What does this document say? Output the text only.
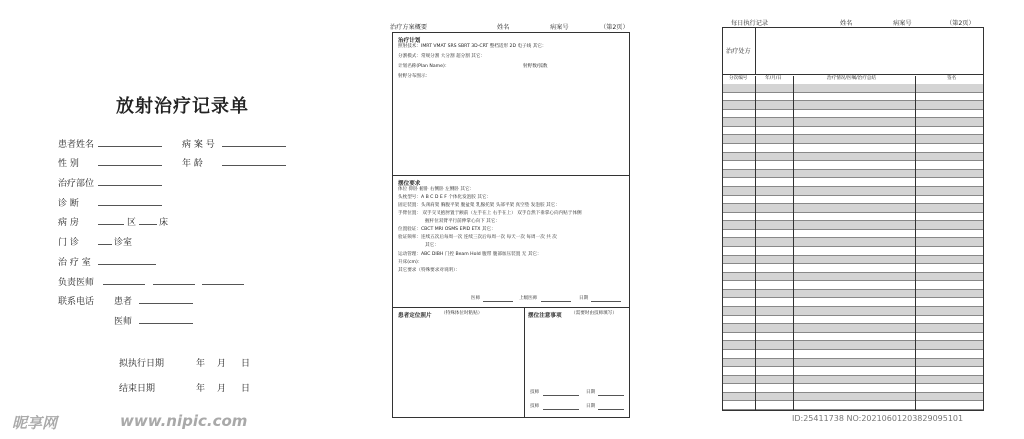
放射治疗记录单
患者姓名	病 案 号
性 别	年 龄
治疗部位
诊 断
病 房	区	床
门 诊	诊室
治 疗 室
负责医师
联系电话 患者
医师
拟执行日期	年 月 日
结束日期	年 月 日
治疗方案概要	姓名	病案号	（第2页）
治疗计划
照射技术：IMRT VMAT SRS SBRT 3D-CRT 整档适形 2D 电子线 其它：
分割模式：常规分割 大分割 超分割 其它：
计划名称(Plan Name)：	射野数/弧数
射野分布图示：
摆位要求
体位 仰卧 俯卧 右侧卧 左侧卧 其它：
头枕型号：A B C D E F 个体化发泡胶 其它：
固定装置：头颈肩架 胸腹平架 腹盆架 乳腺托架 头部平架 真空垫 发泡胶 其它：
手臂位置： 双手交叉抱肘置于额前（左手在上 右手在上） 双手自然下垂掌心向内贴于体侧
握杆位双臂平行前伸掌心向下 其它：
位置验证：CBCT MRI OSMS EPID ETX 其它：
验证频率：连续五次后每周一次 连续三次后每周一次 每天一次 每周一次 共 次
其它：
运动管理：ABC DIBH 门控 Beam Hold 腹带 腹部加压装置 无 其它：
升床(cm)：
其它要求（特殊要求对说明）：
医师	上级医师	日期
患者定位照片 （特殊体位时粘贴）	摆位注意事项 （需要时由技师填写）
技师	日期
技师	日期
每日执行记录	姓名	病案号	（第2页）
治疗处方
分次编号	年/月/日	治疗情况/医嘱/治疗总结	签名
昵享网	www.nipic.com	ID:25411738 NO:20210601203829095101
